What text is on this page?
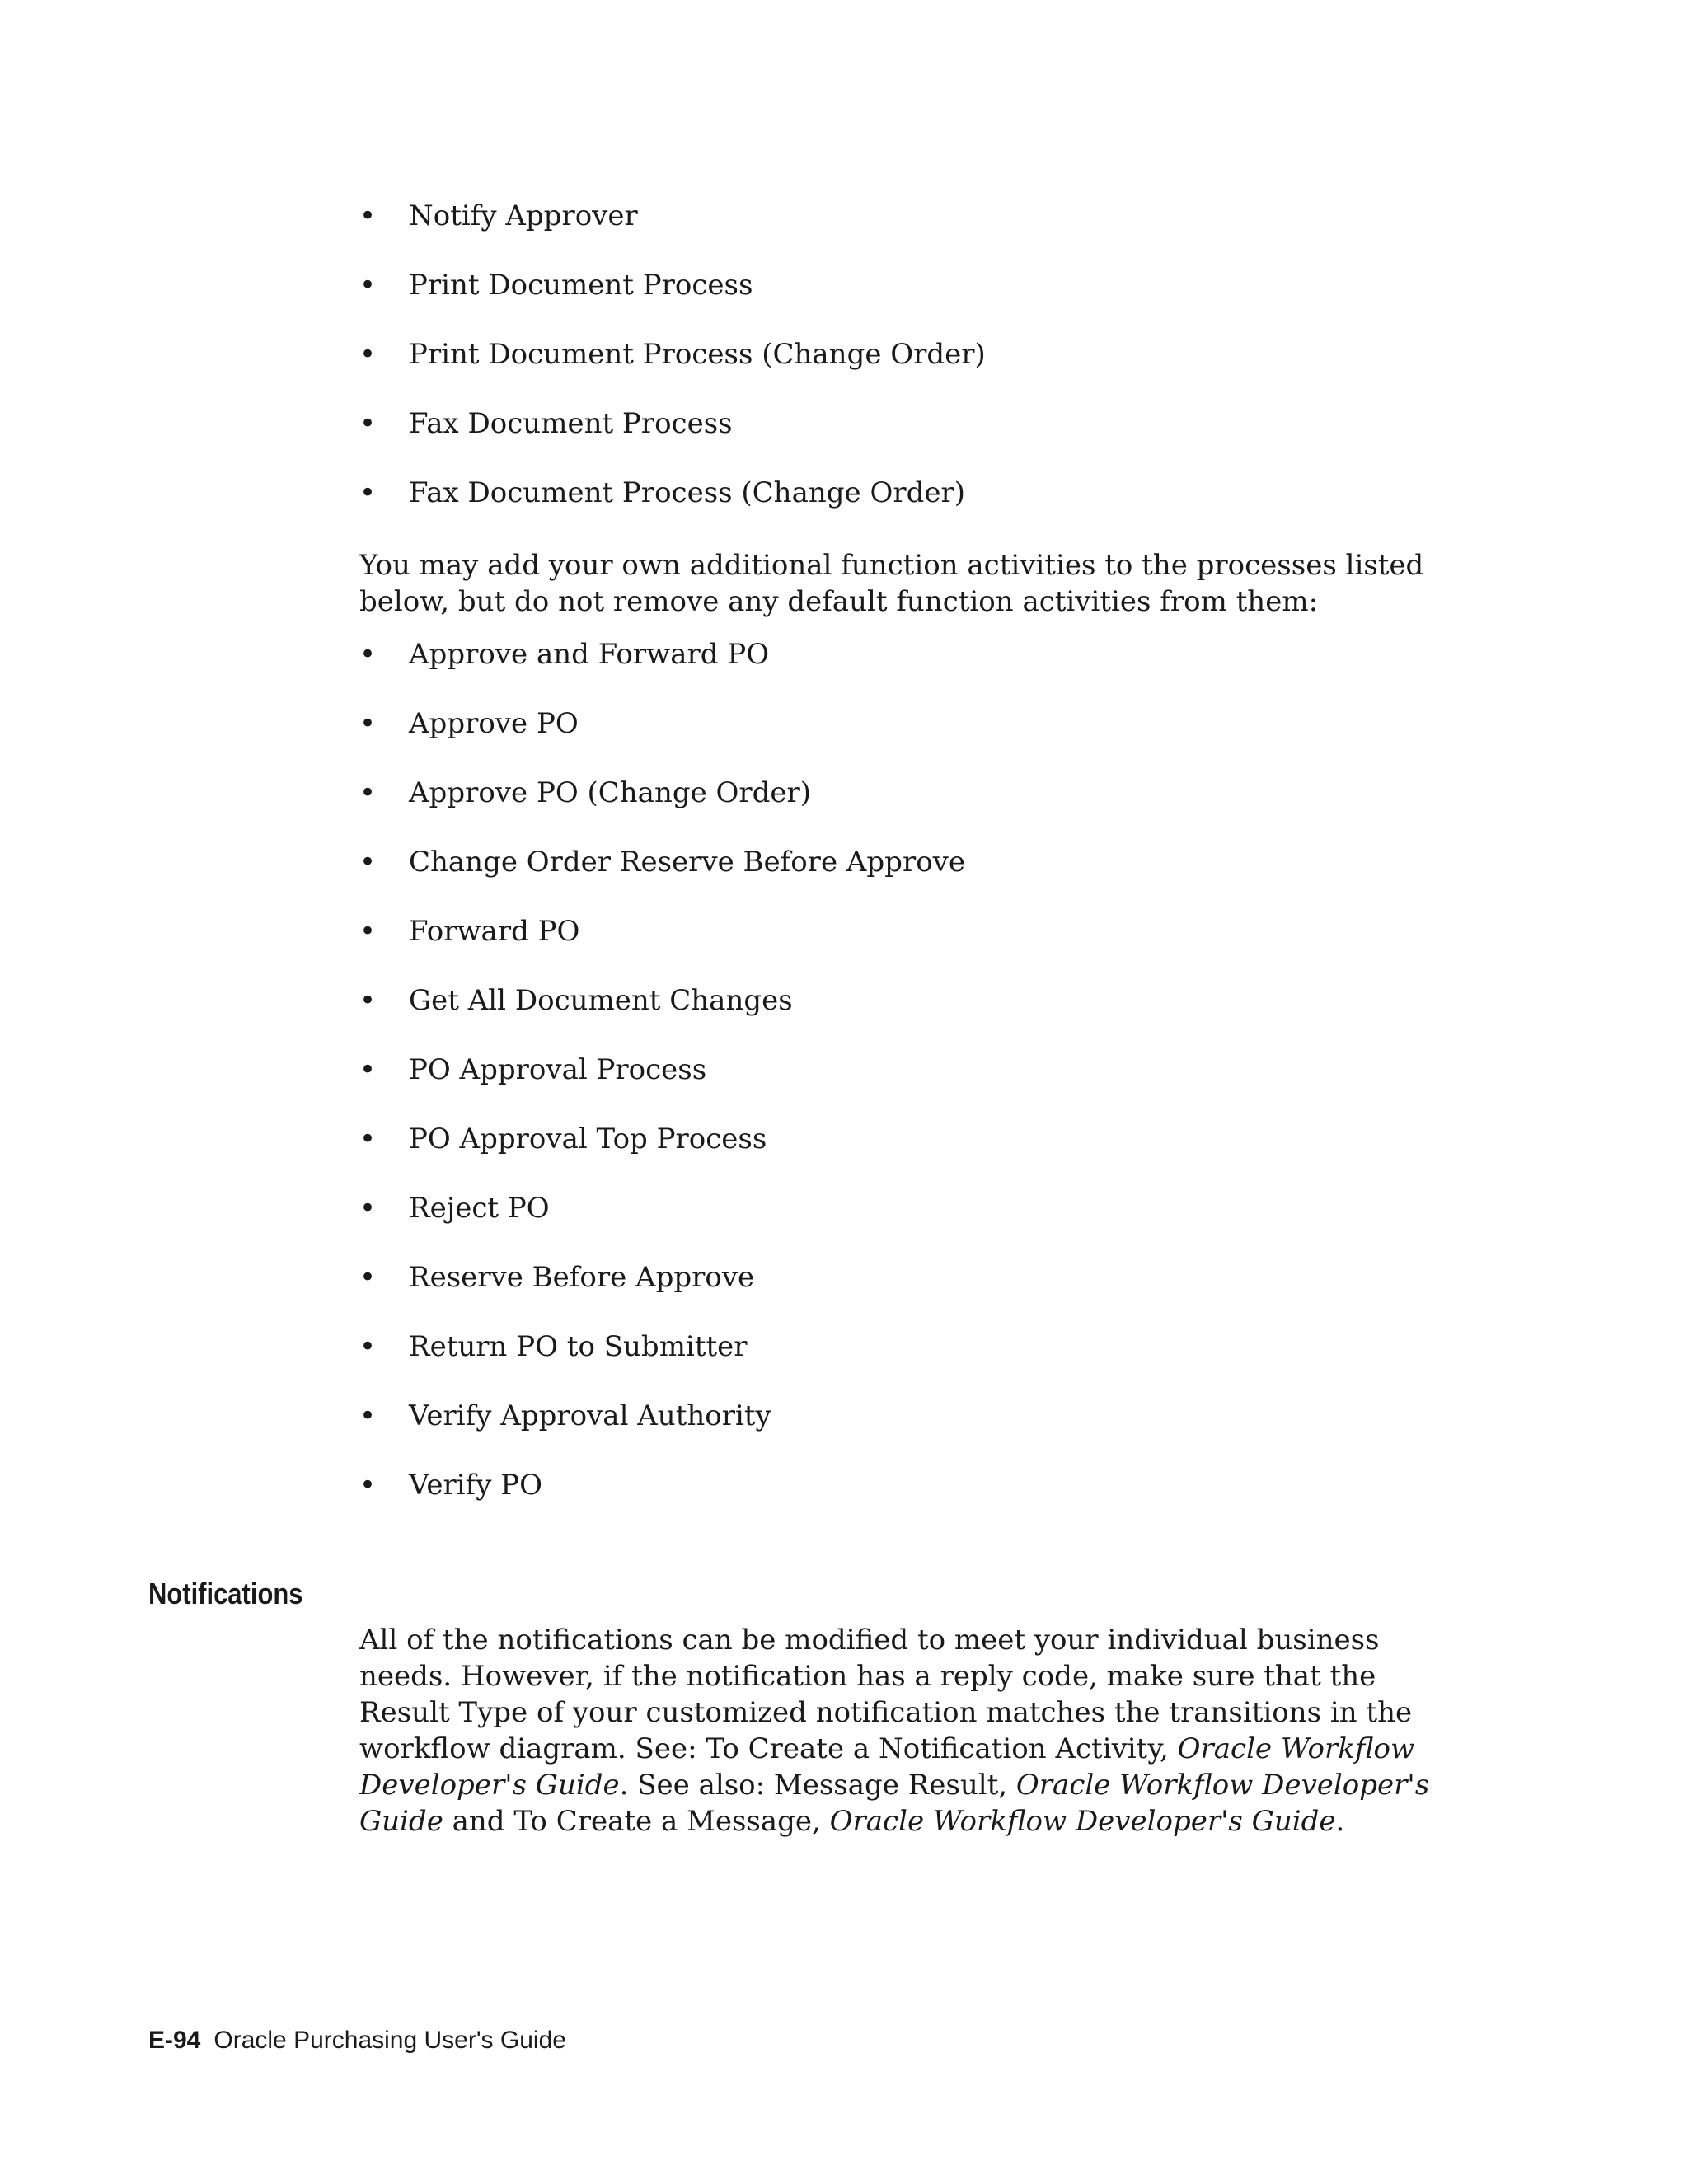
• Notify Approver
• Print Document Process
• Print Document Process (Change Order)
• Fax Document Process
• Fax Document Process (Change Order)

You may add your own additional function activities to the processes listed below, but do not remove any default function activities from them:

• Approve and Forward PO
• Approve PO
• Approve PO (Change Order)
• Change Order Reserve Before Approve
• Forward PO
• Get All Document Changes
• PO Approval Process
• PO Approval Top Process
• Reject PO
• Reserve Before Approve
• Return PO to Submitter
• Verify Approval Authority
• Verify PO
Notifications

All of the notifications can be modified to meet your individual business needs. However, if the notification has a reply code, make sure that the Result Type of your customized notification matches the transitions in the workflow diagram. See: To Create a Notification Activity, Oracle Workflow Developer's Guide. See also: Message Result, Oracle Workflow Developer's Guide and To Create a Message, Oracle Workflow Developer's Guide.

E-94 Oracle Purchasing User's Guide
